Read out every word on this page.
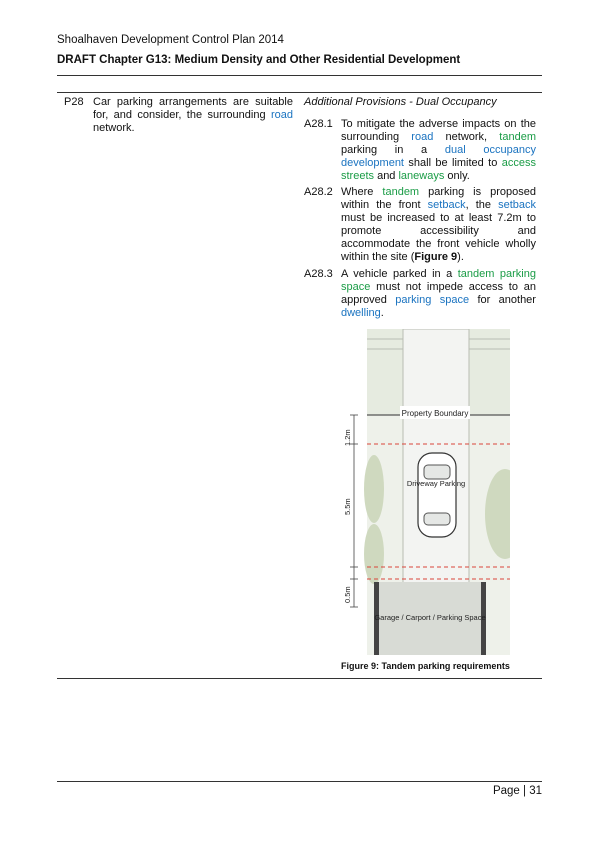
Shoalhaven Development Control Plan 2014
DRAFT Chapter G13: Medium Density and Other Residential Development
P28 Car parking arrangements are suitable for, and consider, the surrounding road network.
Additional Provisions - Dual Occupancy
A28.1 To mitigate the adverse impacts on the surrounding road network, tandem parking in a dual occupancy development shall be limited to access streets and laneways only.
A28.2 Where tandem parking is proposed within the front setback, the setback must be increased to at least 7.2m to promote accessibility and accommodate the front vehicle wholly within the site (Figure 9).
A28.3 A vehicle parked in a tandem parking space must not impede access to an approved parking space for another dwelling.
Property Boundary
Driveway Parking
Garage / Carport / Parking Space
1.2m
5.5m
0.5m
Figure 9: Tandem parking requirements
Page | 31
